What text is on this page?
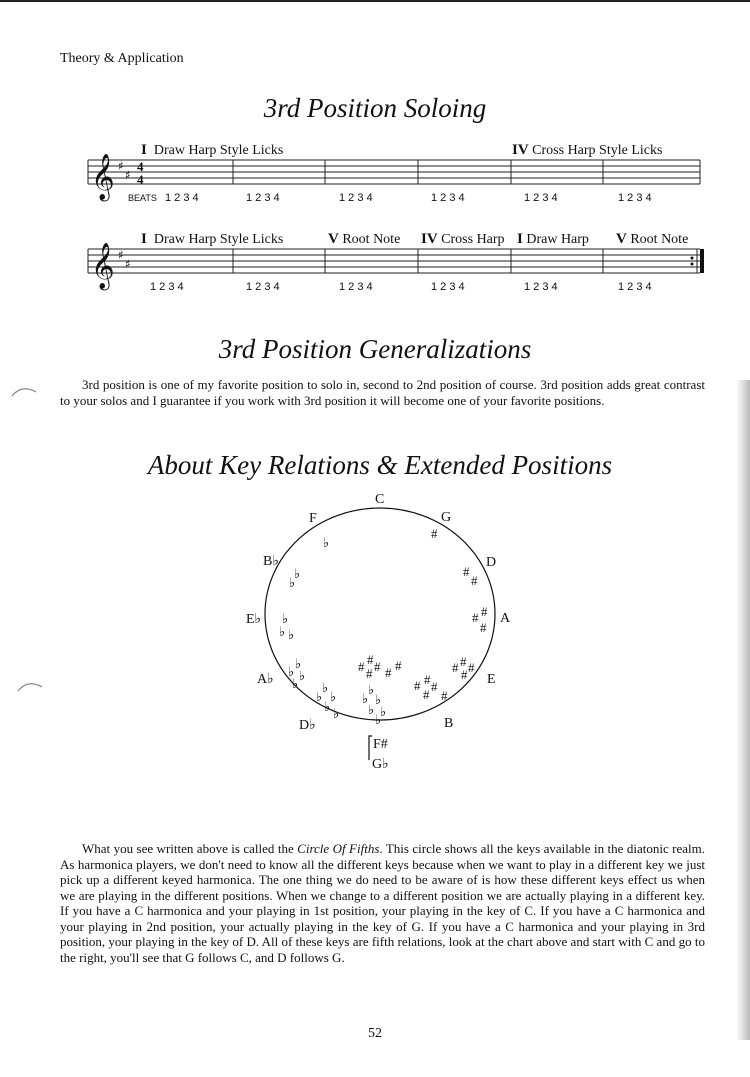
Theory & Application
3rd Position Soloing
𝄞 ♯
♯
4
4
𝄞 ♯
♯
I Draw Harp Style Licks	IV Cross Harp Style Licks
BEATS 1 2 3 4	1 2 3 4	1 2 3 4	1 2 3 4	1 2 3 4	1 2 3 4
I Draw Harp Style Licks	V Root Note IV Cross Harp I Draw Harp V Root Note
1 2 3 4	1 2 3 4	1 2 3 4	1 2 3 4	1 2 3 4	1 2 3 4
3rd Position Generalizations
3rd position is one of my favorite position to solo in, second to 2nd position of course. 3rd position adds great contrast to your solos and I guarantee if you work with 3rd position it will become one of your favorite positions.
About Key Relations & Extended Positions
C
G
D
A
E
B
F#
G♭
D♭
A♭
E♭
B♭
F
#
#
#
# #
#
# # #
#
# # #
# #
# # #
# # #
♭
♭
♭
♭
♭ ♭
♭
♭ ♭
♭ ♭
♭ ♭
♭ ♭
♭
♭ ♭
♭ ♭
♭
What you see written above is called the Circle Of Fifths. This circle shows all the keys available in the diatonic realm. As harmonica players, we don't need to know all the different keys because when we want to play in a different key we just pick up a different keyed harmonica. The one thing we do need to be aware of is how these different keys effect us when we are playing in the different positions. When we change to a different position we are actually playing in a different key. If you have a C harmonica and your playing in 1st position, your playing in the key of C. If you have a C harmonica and your playing in 2nd position, your actually playing in the key of G. If you have a C harmonica and your playing in 3rd position, your playing in the key of D. All of these keys are fifth relations, look at the chart above and start with C and go to the right, you'll see that G follows C, and D follows G.
52
